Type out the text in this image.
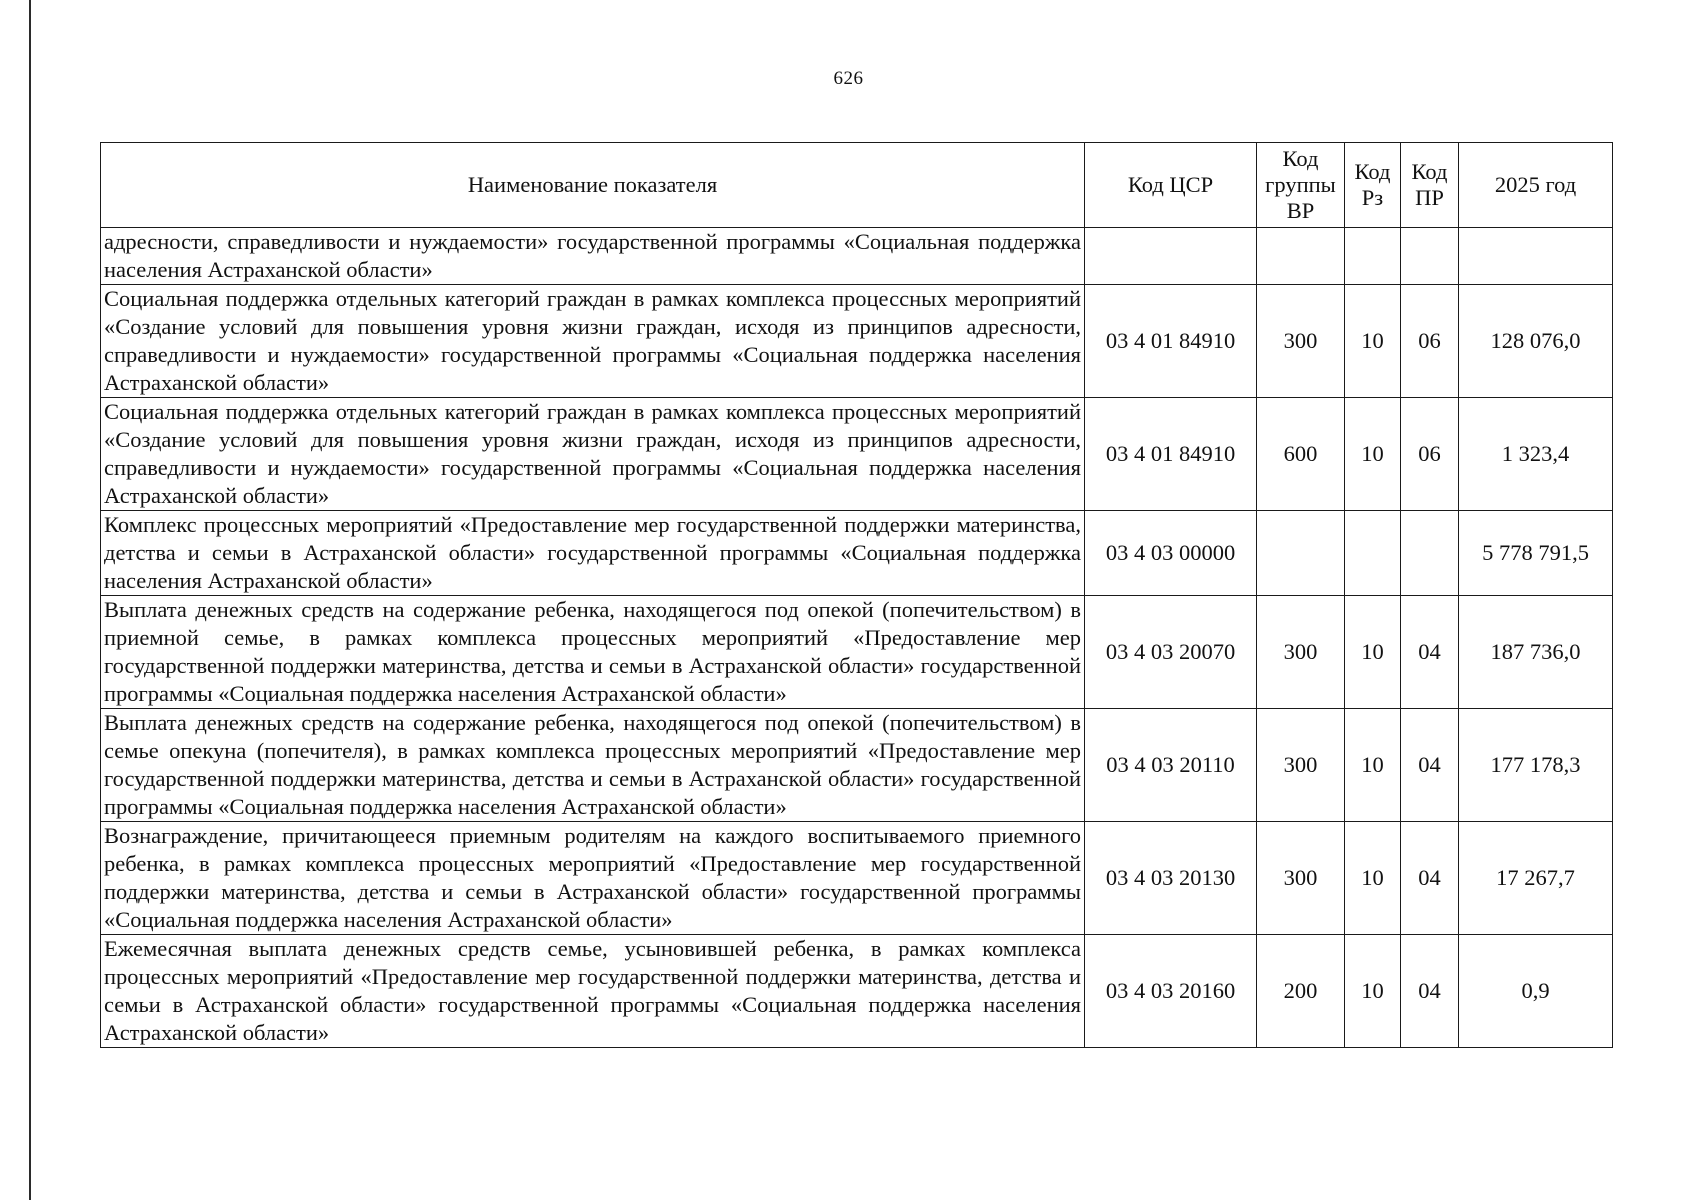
626
Наименование показателя	Код ЦСР	Код группы ВР	Код Рз	Код ПР	2025 год
адресности, справедливости и нуждаемости» государственной программы «Социальная поддержка населения Астраханской области»					
Социальная поддержка отдельных категорий граждан в рамках комплекса процессных мероприятий «Создание условий для повышения уровня жизни граждан, исходя из принципов адресности, справедливости и нуждаемости» государственной программы «Социальная поддержка населения Астраханской области»	03 4 01 84910	300	10	06	128 076,0
Социальная поддержка отдельных категорий граждан в рамках комплекса процессных мероприятий «Создание условий для повышения уровня жизни граждан, исходя из принципов адресности, справедливости и нуждаемости» государственной программы «Социальная поддержка населения Астраханской области»	03 4 01 84910	600	10	06	1 323,4
Комплекс процессных мероприятий «Предоставление мер государственной поддержки материнства, детства и семьи в Астраханской области» государственной программы «Социальная поддержка населения Астраханской области»	03 4 03 00000				5 778 791,5
Выплата денежных средств на содержание ребенка, находящегося под опекой (попечительством) в приемной семье, в рамках комплекса процессных мероприятий «Предоставление мер государственной поддержки материнства, детства и семьи в Астраханской области» государственной программы «Социальная поддержка населения Астраханской области»	03 4 03 20070	300	10	04	187 736,0
Выплата денежных средств на содержание ребенка, находящегося под опекой (попечительством) в семье опекуна (попечителя), в рамках комплекса процессных мероприятий «Предоставление мер государственной поддержки материнства, детства и семьи в Астраханской области» государственной программы «Социальная поддержка населения Астраханской области»	03 4 03 20110	300	10	04	177 178,3
Вознаграждение, причитающееся приемным родителям на каждого воспитываемого приемного ребенка, в рамках комплекса процессных мероприятий «Предоставление мер государственной поддержки материнства, детства и семьи в Астраханской области» государственной программы «Социальная поддержка населения Астраханской области»	03 4 03 20130	300	10	04	17 267,7
Ежемесячная выплата денежных средств семье, усыновившей ребенка, в рамках комплекса процессных мероприятий «Предоставление мер государственной поддержки материнства, детства и семьи в Астраханской области» государственной программы «Социальная поддержка населения Астраханской области»	03 4 03 20160	200	10	04	0,9
